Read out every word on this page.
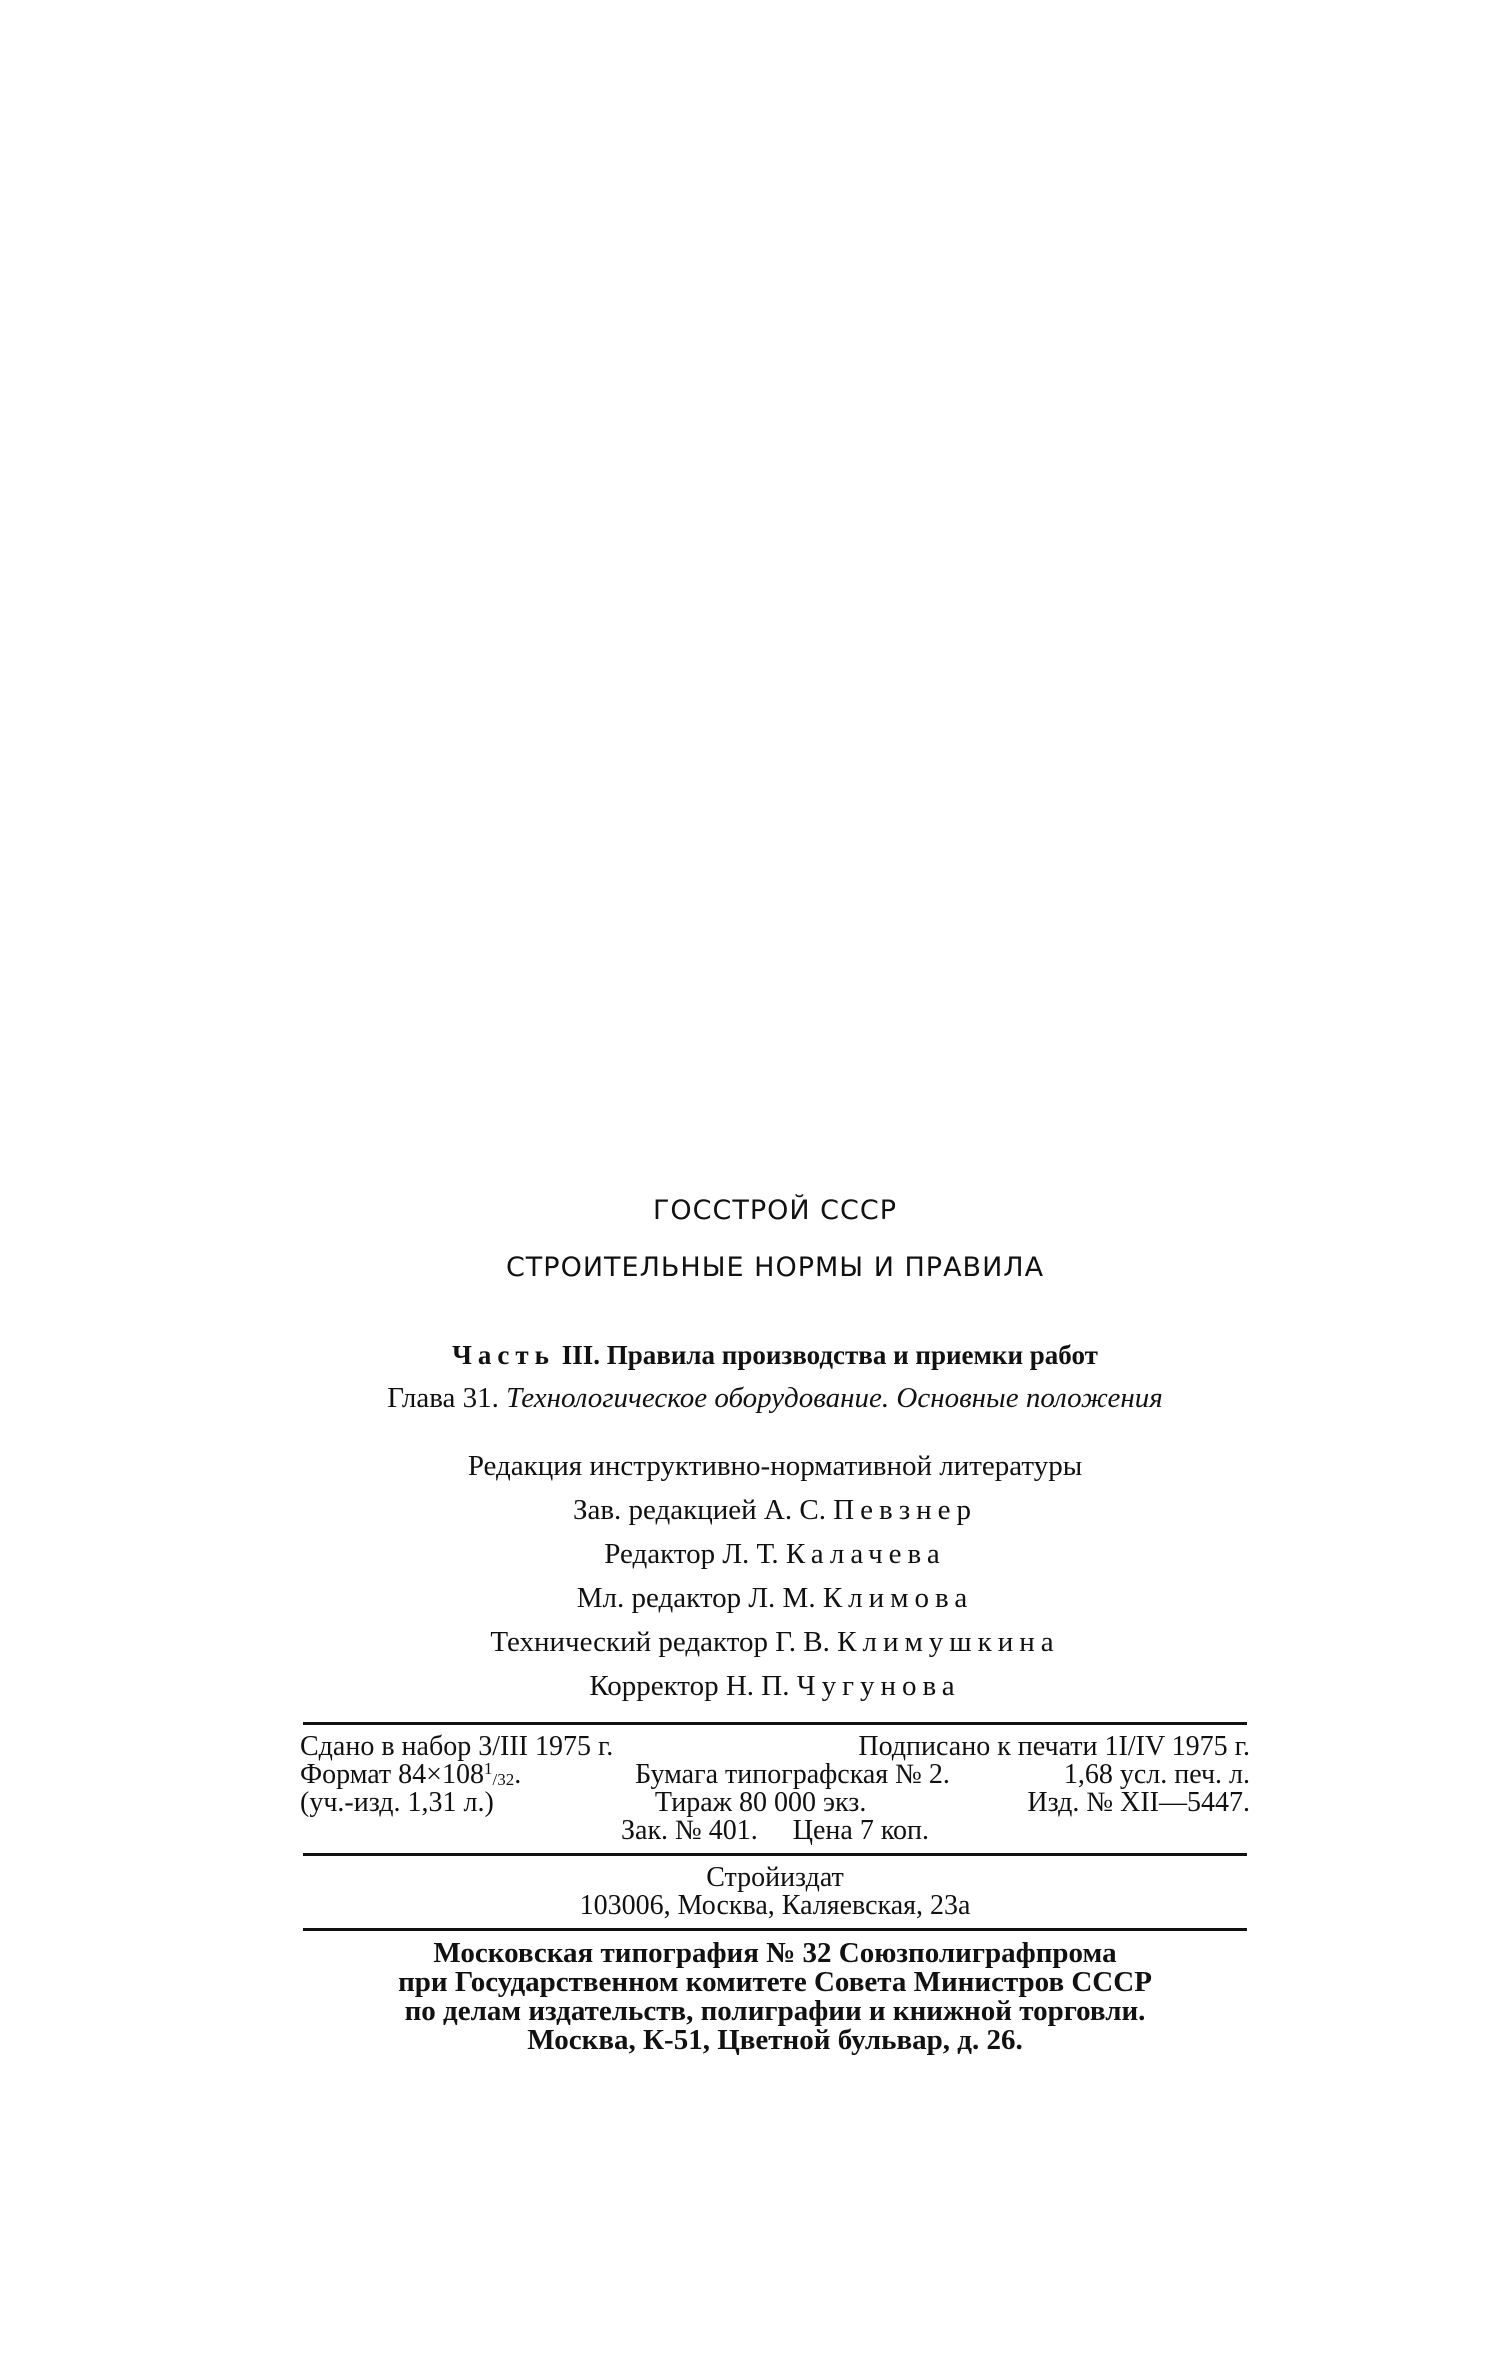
ГОССТРОЙ СССР
СТРОИТЕЛЬНЫЕ НОРМЫ И ПРАВИЛА
Часть III. Правила производства и приемки работ
Глава 31. Технологическое оборудование. Основные положения
Редакция инструктивно-нормативной литературы
Зав. редакцией А. С. Певзнер
Редактор Л. Т. Калачева
Мл. редактор Л. М. Климова
Технический редактор Г. В. Климушкина
Корректор Н. П. Чугунова
Сдано в набор 3/III 1975 г.	Подписано к печати 1I/IV 1975 г.
Формат $84\times 108^1_{/32}$.	Бумага типографская № 2.	1,68 усл. печ. л.
(уч.-изд. 1,31 л.)	Тираж 80 000 экз.	Изд. № XII—5447.
Зак. № 401.     Цена 7 коп.
Стройиздат
103006, Москва, Каляевская, 23а
Московская типография № 32 Союзполиграфпрома
при Государственном комитете Совета Министров СССР
по делам издательств, полиграфии и книжной торговли.
Москва, К-51, Цветной бульвар, д. 26.
